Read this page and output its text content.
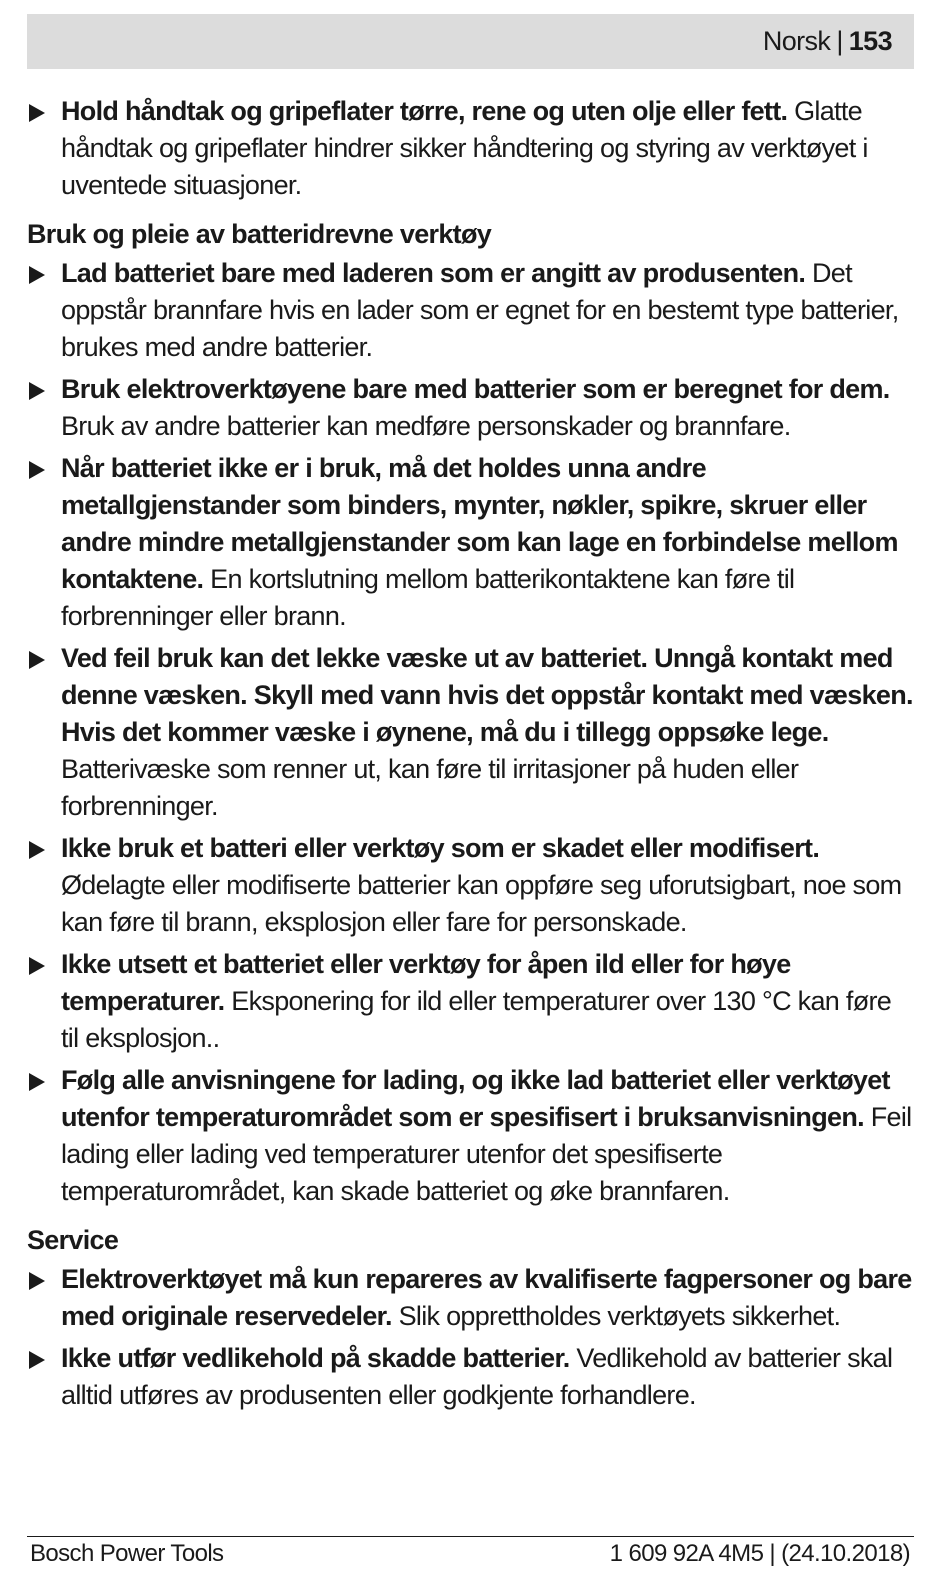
Norsk | 153
Hold håndtak og gripeflater tørre, rene og uten olje eller fett. Glatte håndtak og gripeflater hindrer sikker håndtering og styring av verktøyet i uventede situasjoner.
Bruk og pleie av batteridrevne verktøy
Lad batteriet bare med laderen som er angitt av produsenten. Det oppstår brannfare hvis en lader som er egnet for en bestemt type batterier, brukes med andre batterier.
Bruk elektroverktøyene bare med batterier som er beregnet for dem. Bruk av andre batterier kan medføre personskader og brannfare.
Når batteriet ikke er i bruk, må det holdes unna andre metallgjenstander som binders, mynter, nøkler, spikre, skruer eller andre mindre metallgjenstander som kan lage en forbindelse mellom kontaktene. En kortslutning mellom batterikontaktene kan føre til forbrenninger eller brann.
Ved feil bruk kan det lekke væske ut av batteriet. Unngå kontakt med denne væsken. Skyll med vann hvis det oppstår kontakt med væsken. Hvis det kommer væske i øynene, må du i tillegg oppsøke lege. Batterivæske som renner ut, kan føre til irritasjoner på huden eller forbrenninger.
Ikke bruk et batteri eller verktøy som er skadet eller modifisert. Ødelagte eller modifiserte batterier kan oppføre seg uforutsigbart, noe som kan føre til brann, eksplosjon eller fare for personskade.
Ikke utsett et batteriet eller verktøy for åpen ild eller for høye temperaturer. Eksponering for ild eller temperaturer over 130 °C kan føre til eksplosjon..
Følg alle anvisningene for lading, og ikke lad batteriet eller verktøyet utenfor temperaturområdet som er spesifisert i bruksanvisningen. Feil lading eller lading ved temperaturer utenfor det spesifiserte temperaturområdet, kan skade batteriet og øke brannfaren.
Service
Elektroverktøyet må kun repareres av kvalifiserte fagpersoner og bare med originale reservedeler. Slik opprettholdes verktøyets sikkerhet.
Ikke utfør vedlikehold på skadde batterier. Vedlikehold av batterier skal alltid utføres av produsenten eller godkjente forhandlere.
Bosch Power Tools	1 609 92A 4M5 | (24.10.2018)
